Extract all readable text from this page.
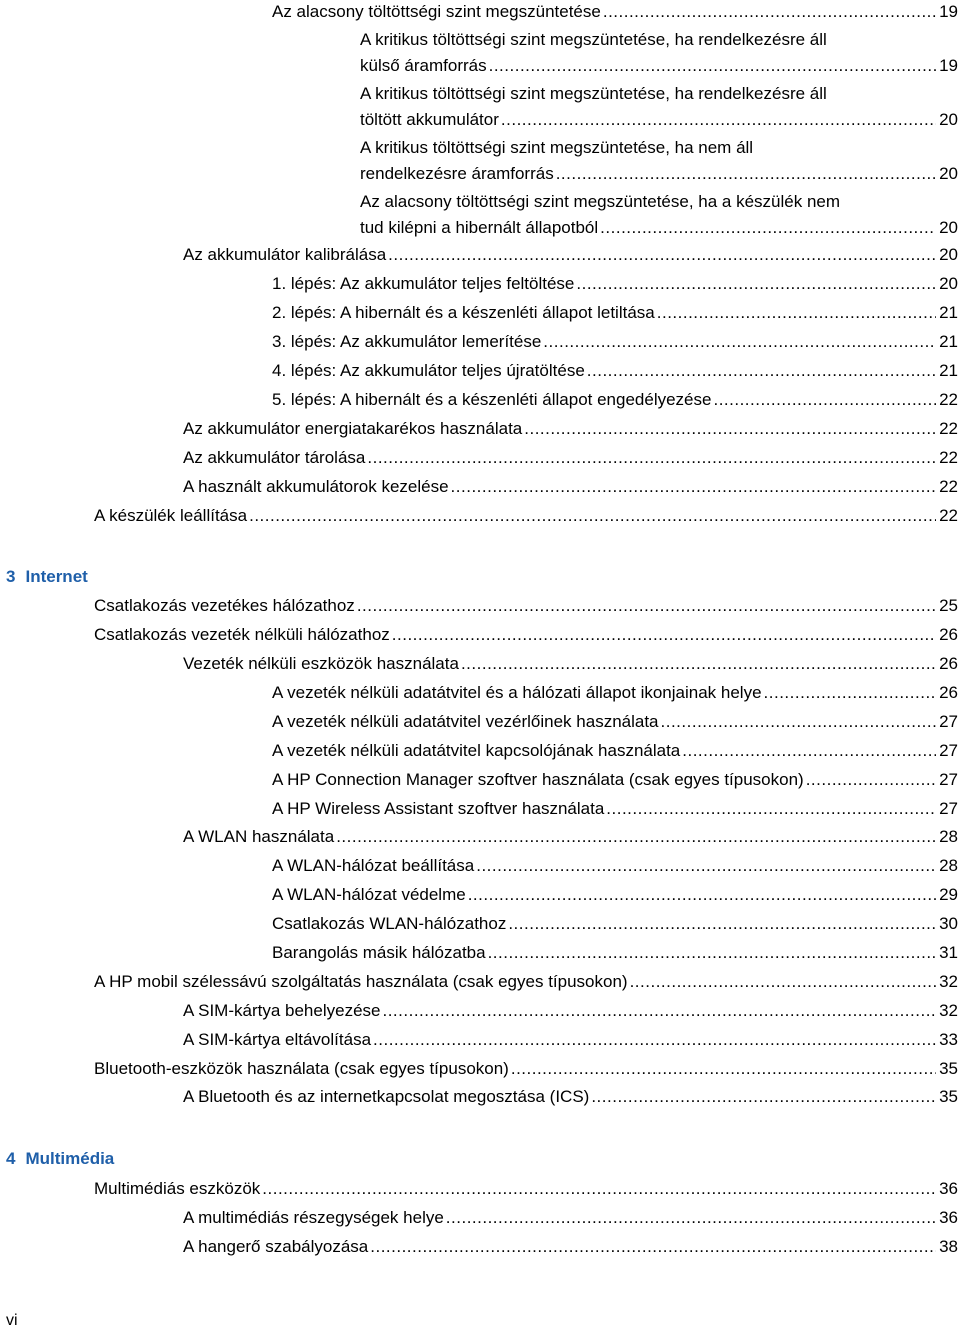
Az alacsony töltöttségi szint megszüntetése .....	19
A kritikus töltöttségi szint megszüntetése, ha rendelkezésre áll
külső áramforrás .....	19
A kritikus töltöttségi szint megszüntetése, ha rendelkezésre áll
töltött akkumulátor .....	20
A kritikus töltöttségi szint megszüntetése, ha nem áll
rendelkezésre áramforrás .....	20
Az alacsony töltöttségi szint megszüntetése, ha a készülék nem
tud kilépni a hibernált állapotból .....	20
Az akkumulátor kalibrálása .....	20
1. lépés: Az akkumulátor teljes feltöltése .....	20
2. lépés: A hibernált és a készenléti állapot letiltása .....	21
3. lépés: Az akkumulátor lemerítése .....	21
4. lépés: Az akkumulátor teljes újratöltése .....	21
5. lépés: A hibernált és a készenléti állapot engedélyezése .....	22
Az akkumulátor energiatakarékos használata .....	22
Az akkumulátor tárolása .....	22
A használt akkumulátorok kezelése .....	22
A készülék leállítása .....	22
3 Internet
Csatlakozás vezetékes hálózathoz .....	25
Csatlakozás vezeték nélküli hálózathoz .....	26
Vezeték nélküli eszközök használata .....	26
A vezeték nélküli adatátvitel és a hálózati állapot ikonjainak helye .....	26
A vezeték nélküli adatátvitel vezérlőinek használata .....	27
A vezeték nélküli adatátvitel kapcsolójának használata .....	27
A HP Connection Manager szoftver használata (csak egyes típusokon) .....	27
A HP Wireless Assistant szoftver használata .....	27
A WLAN használata .....	28
A WLAN-hálózat beállítása .....	28
A WLAN-hálózat védelme .....	29
Csatlakozás WLAN-hálózathoz .....	30
Barangolás másik hálózatba .....	31
A HP mobil szélessávú szolgáltatás használata (csak egyes típusokon) .....	32
A SIM-kártya behelyezése .....	32
A SIM-kártya eltávolítása .....	33
Bluetooth-eszközök használata (csak egyes típusokon) .....	35
A Bluetooth és az internetkapcsolat megosztása (ICS) .....	35
4 Multimédia
Multimédiás eszközök .....	36
A multimédiás részegységek helye .....	36
A hangerő szabályozása .....	38
vi
